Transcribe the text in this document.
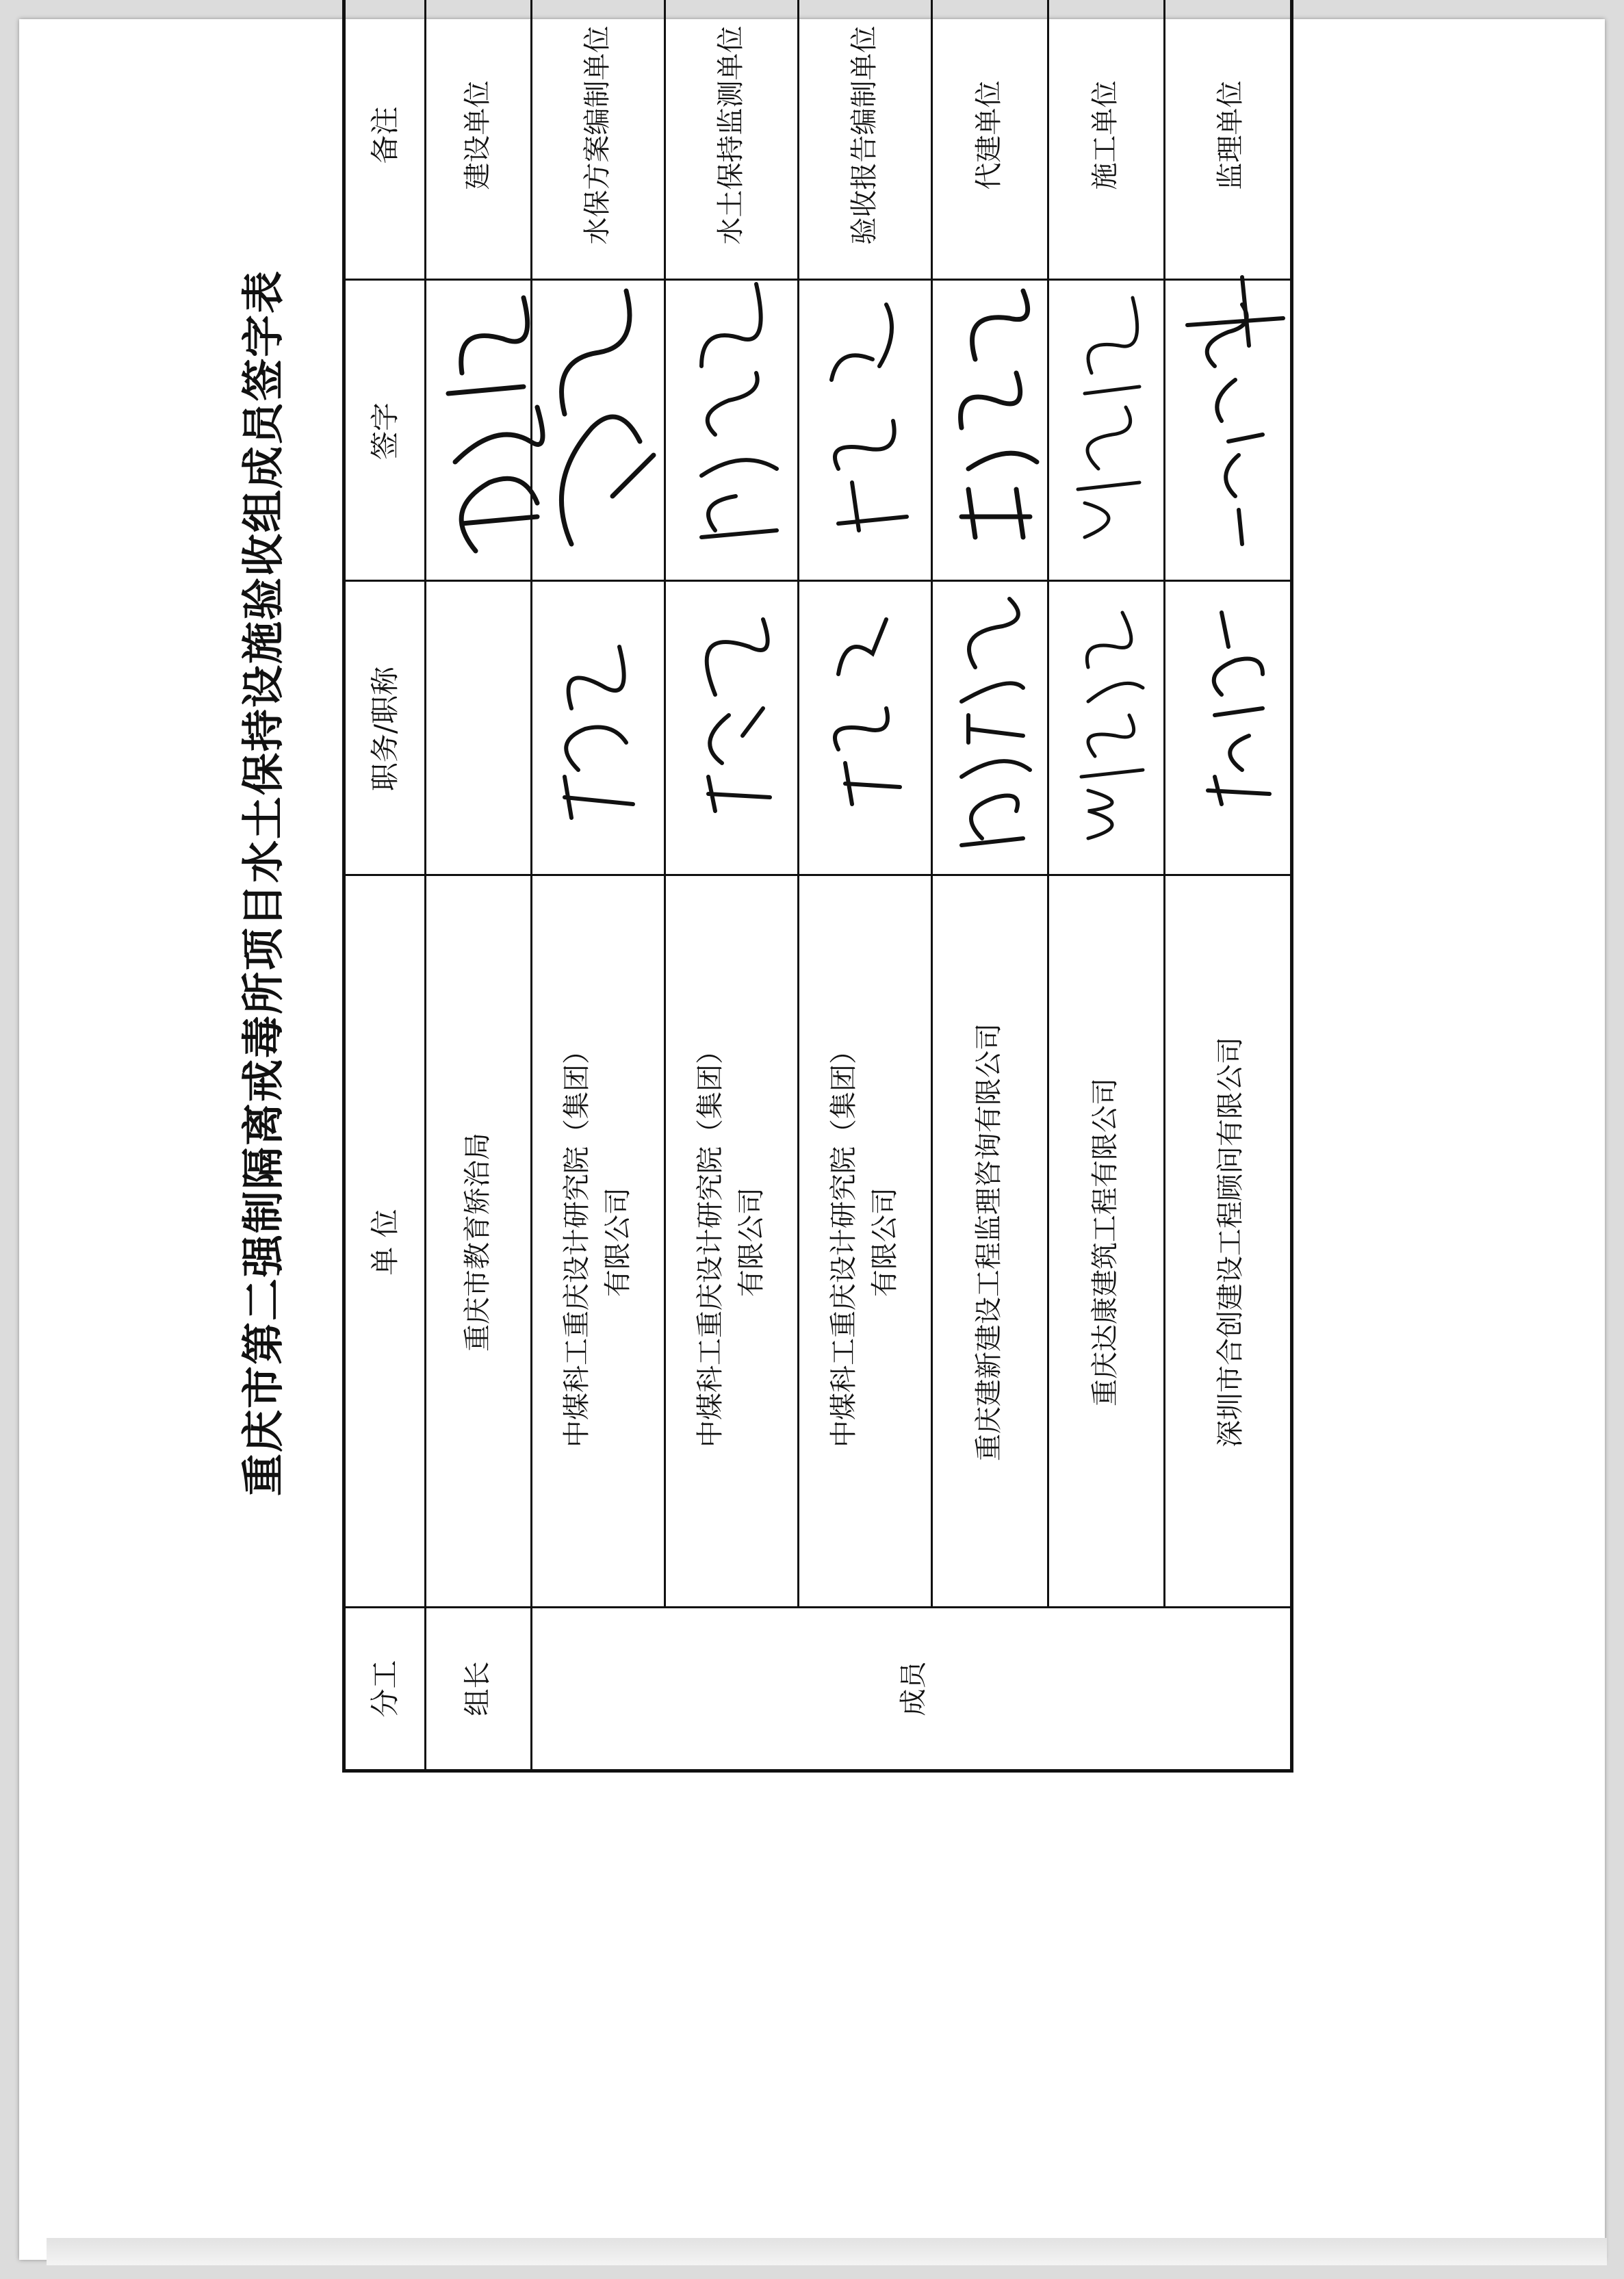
重庆市第二强制隔离戒毒所项目水土保持设施验收组成员签字表
分工
单 位
职务/职称
签字
备注
组长	成员
重庆市教育矫治局
建设单位
中煤科工重庆设计研究院（集团） 有限公司
水保方案编制单位
中煤科工重庆设计研究院（集团） 有限公司
水土保持监测单位
中煤科工重庆设计研究院（集团） 有限公司
验收报告编制单位
重庆建新建设工程监理咨询有限公司
代建单位
重庆达康建筑工程有限公司
施工单位
深圳市合创建设工程顾问有限公司
监理单位
